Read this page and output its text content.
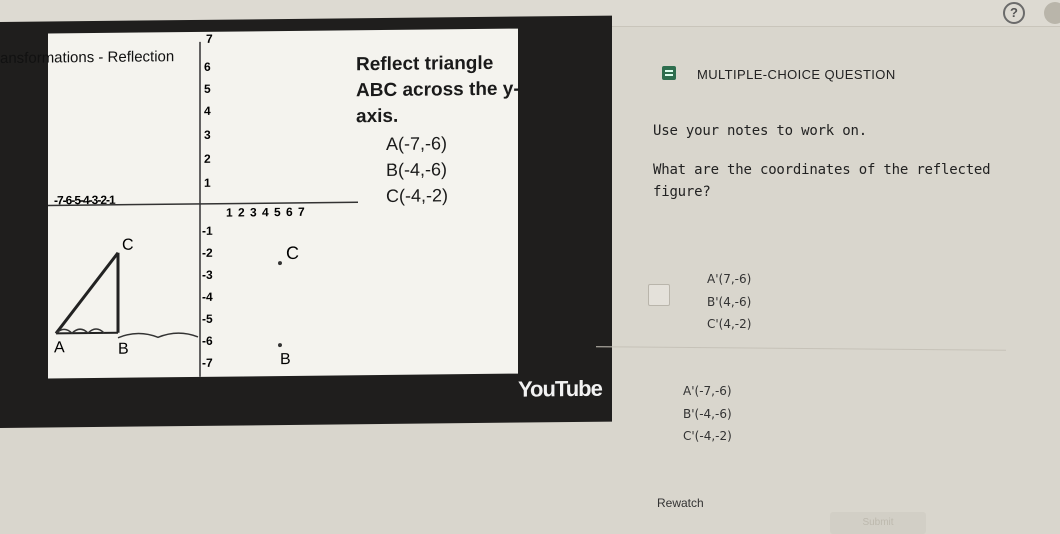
?
ansformations - Reflection
7
6
5
4
3
2
1
-1
-2
-3
-4
-5
-6
-7
-7-6-5-4-3-2-1
1 2 3 4 5 6 7
A	B
C	C
B
Reflect triangle ABC across the y-axis.
A(-7,-6)
B(-4,-6)
C(-4,-2)
YouTube
MULTIPLE-CHOICE QUESTION
Use your notes to work on.
What are the coordinates of the reflected
figure?
A'(7,-6)
B'(4,-6)
C'(4,-2)
A'(-7,-6)
B'(-4,-6)
C'(-4,-2)
Rewatch
Submit
